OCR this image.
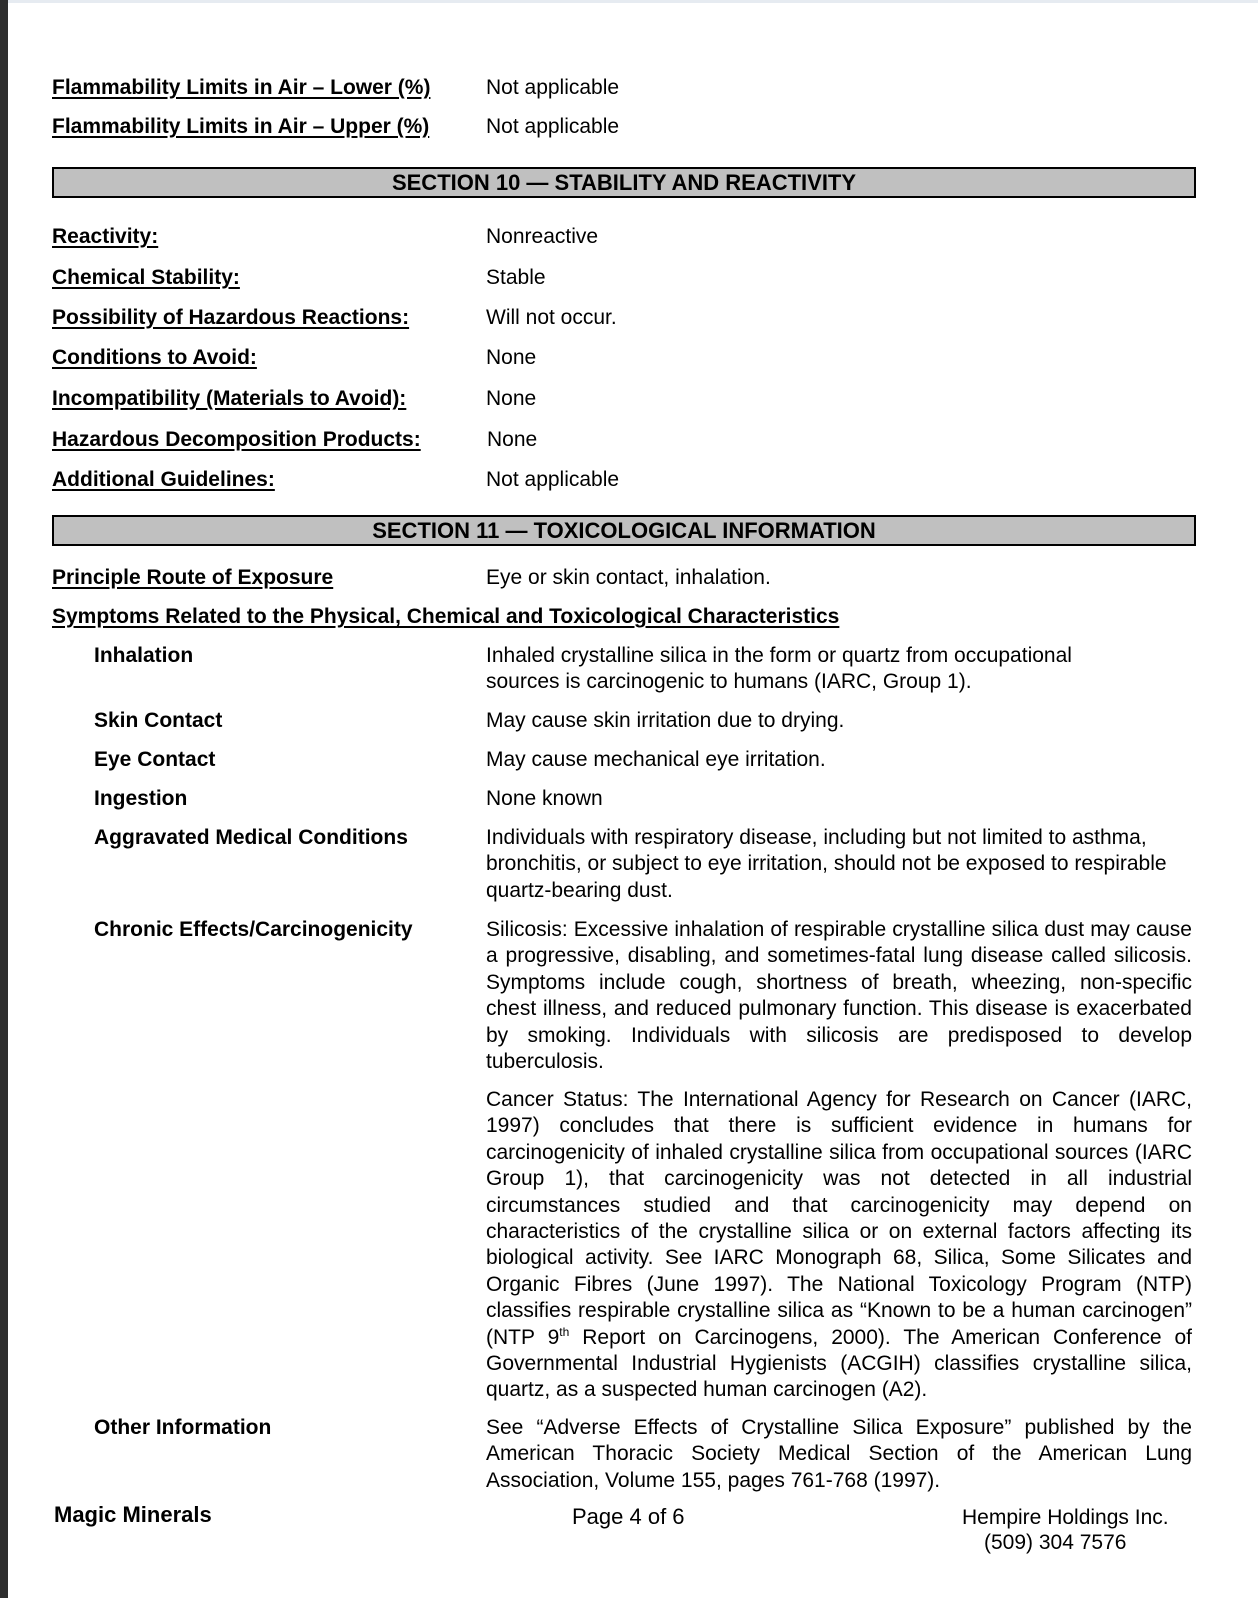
Flammability Limits in Air – Lower (%)	Not applicable
Flammability Limits in Air – Upper (%)	Not applicable
SECTION 10 — STABILITY AND REACTIVITY
Reactivity:	Nonreactive
Chemical Stability:	Stable
Possibility of Hazardous Reactions:	Will not occur.
Conditions to Avoid:	None
Incompatibility (Materials to Avoid):	None
Hazardous Decomposition Products:	None
Additional Guidelines:	Not applicable
SECTION 11 — TOXICOLOGICAL INFORMATION
Principle Route of Exposure	Eye or skin contact, inhalation.
Symptoms Related to the Physical, Chemical and Toxicological Characteristics
Inhalation	Inhaled crystalline silica in the form or quartz from occupational sources is carcinogenic to humans (IARC, Group 1).
Skin Contact	May cause skin irritation due to drying.
Eye Contact	May cause mechanical eye irritation.
Ingestion	None known
Aggravated Medical Conditions	Individuals with respiratory disease, including but not limited to asthma, bronchitis, or subject to eye irritation, should not be exposed to respirable quartz-bearing dust.
Chronic Effects/Carcinogenicity	Silicosis: Excessive inhalation of respirable crystalline silica dust may cause a progressive, disabling, and sometimes-fatal lung disease called silicosis. Symptoms include cough, shortness of breath, wheezing, non-specific chest illness, and reduced pulmonary function. This disease is exacerbated by smoking. Individuals with silicosis are predisposed to develop tuberculosis.
Cancer Status: The International Agency for Research on Cancer (IARC, 1997) concludes that there is sufficient evidence in humans for carcinogenicity of inhaled crystalline silica from occupational sources (IARC Group 1), that carcinogenicity was not detected in all industrial circumstances studied and that carcinogenicity may depend on characteristics of the crystalline silica or on external factors affecting its biological activity. See IARC Monograph 68, Silica, Some Silicates and Organic Fibres (June 1997). The National Toxicology Program (NTP) classifies respirable crystalline silica as “Known to be a human carcinogen” (NTP 9th Report on Carcinogens, 2000). The American Conference of Governmental Industrial Hygienists (ACGIH) classifies crystalline silica, quartz, as a suspected human carcinogen (A2).
Other Information	See “Adverse Effects of Crystalline Silica Exposure” published by the American Thoracic Society Medical Section of the American Lung Association, Volume 155, pages 761-768 (1997).
Magic Minerals	Page 4 of 6	Hempire Holdings Inc.
(509) 304 7576
